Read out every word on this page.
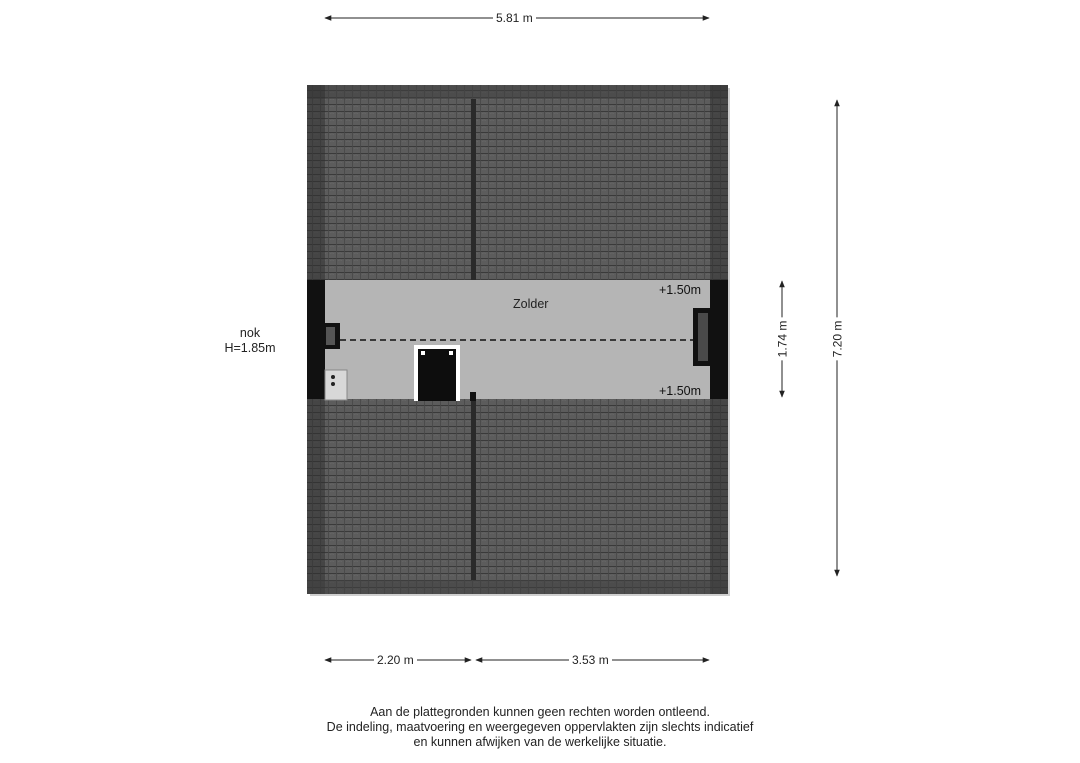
5.81 m
2.20 m	3.53 m
1.74 m	7.20 m
Zolder
+1.50m
+1.50m
nok
H=1.85m
Aan de plattegronden kunnen geen rechten worden ontleend.
De indeling, maatvoering en weergegeven oppervlakten zijn slechts indicatief
en kunnen afwijken van de werkelijke situatie.
